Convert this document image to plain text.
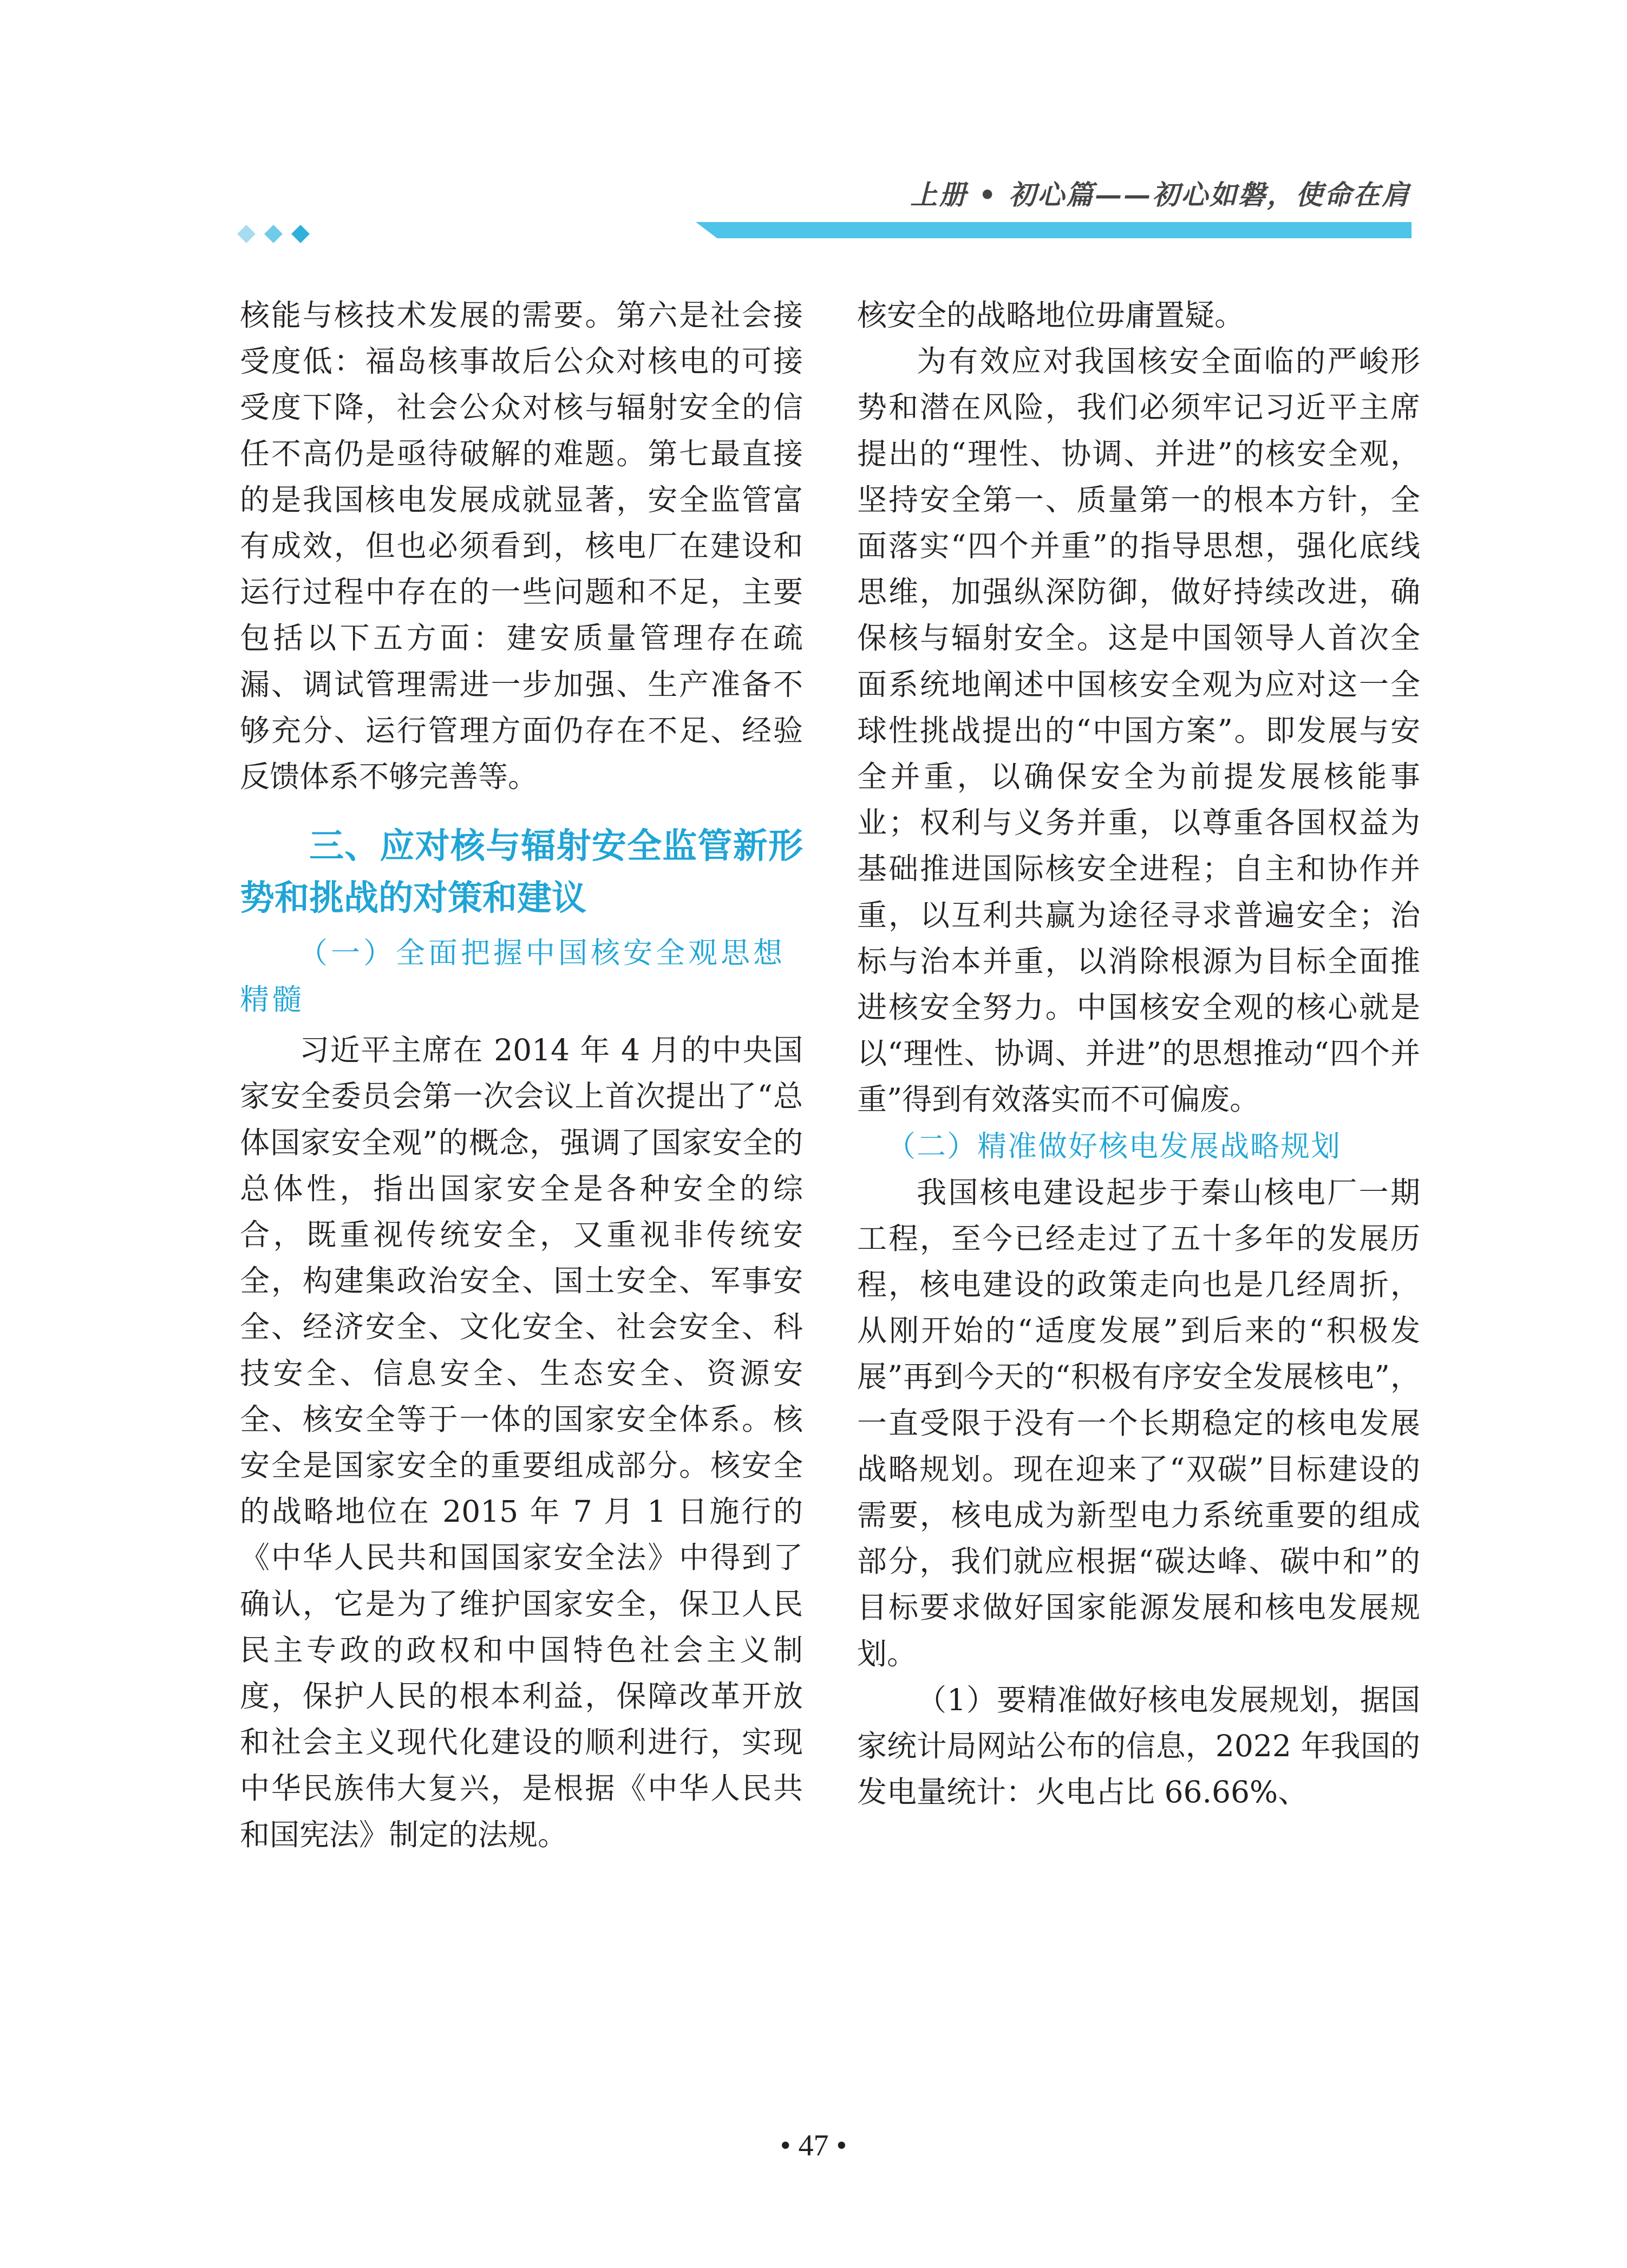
上册 • 初心篇——初心如磐，使命在肩

核能与核技术发展的需要。第六是社会接受度低：福岛核事故后公众对核电的可接受度下降，社会公众对核与辐射安全的信任不高仍是亟待破解的难题。第七最直接的是我国核电发展成就显著，安全监管富有成效，但也必须看到，核电厂在建设和运行过程中存在的一些问题和不足，主要包括以下五方面：建安质量管理存在疏漏、调试管理需进一步加强、生产准备不够充分、运行管理方面仍存在不足、经验反馈体系不够完善等。

三、应对核与辐射安全监管新形势和挑战的对策和建议
（一）全面把握中国核安全观思想精髓

习近平主席在 2014 年 4 月的中央国家安全委员会第一次会议上首次提出了“总体国家安全观”的概念，强调了国家安全的总体性，指出国家安全是各种安全的综合，既重视传统安全，又重视非传统安全，构建集政治安全、国土安全、军事安全、经济安全、文化安全、社会安全、科技安全、信息安全、生态安全、资源安全、核安全等于一体的国家安全体系。核安全是国家安全的重要组成部分。核安全的战略地位在 2015 年 7 月 1 日施行的《中华人民共和国国家安全法》中得到了确认，它是为了维护国家安全，保卫人民民主专政的政权和中国特色社会主义制度，保护人民的根本利益，保障改革开放和社会主义现代化建设的顺利进行，实现中华民族伟大复兴，是根据《中华人民共和国宪法》制定的法规。

核安全的战略地位毋庸置疑。

为有效应对我国核安全面临的严峻形势和潜在风险，我们必须牢记习近平主席提出的“理性、协调、并进”的核安全观，坚持安全第一、质量第一的根本方针，全面落实“四个并重”的指导思想，强化底线思维，加强纵深防御，做好持续改进，确保核与辐射安全。这是中国领导人首次全面系统地阐述中国核安全观为应对这一全球性挑战提出的“中国方案”。即发展与安全并重，以确保安全为前提发展核能事业；权利与义务并重，以尊重各国权益为基础推进国际核安全进程；自主和协作并重，以互利共赢为途径寻求普遍安全；治标与治本并重，以消除根源为目标全面推进核安全努力。中国核安全观的核心就是以“理性、协调、并进”的思想推动“四个并重”得到有效落实而不可偏废。

（二）精准做好核电发展战略规划

我国核电建设起步于秦山核电厂一期工程，至今已经走过了五十多年的发展历程，核电建设的政策走向也是几经周折，从刚开始的“适度发展”到后来的“积极发展”再到今天的“积极有序安全发展核电”，一直受限于没有一个长期稳定的核电发展战略规划。现在迎来了“双碳”目标建设的需要，核电成为新型电力系统重要的组成部分，我们就应根据“碳达峰、碳中和”的目标要求做好国家能源发展和核电发展规划。

（1）要精准做好核电发展规划，据国家统计局网站公布的信息，2022 年我国的发电量统计：火电占比 66.66%、

• 47 •
